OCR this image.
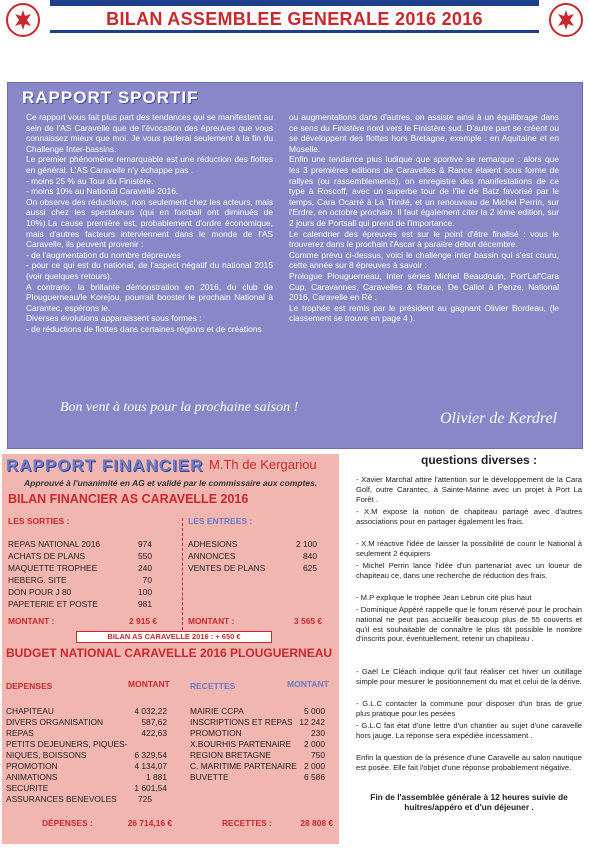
BILAN ASSEMBLEE GENERALE 2016 2016
RAPPORT SPORTIF

Ce rapport vous fait plus part des tendances qui se manifestent au sein de l'AS Caravelle que de l'évocation des épreuves que vous connaissez mieux que moi. Je vous parlerai seulement à la fin du Challenge Inter-bassins.

Le premier phénomène remarquable est une réduction des flottes en général. L'AS Caravelle n'y échappe pas .

- moins 25 % au Tour du Finistère.

- moins 10% au National Caravelle 2016.

On observe des réductions, non seulement chez les acteurs, mais aussi chez les spectateurs (qui en football ont diminués de 10%).La cause première est, probablement d'ordre économique, mais d'autres facteurs interviennent dans le monde de l'AS Caravelle, ils peuvent provenir :

- de l'augmentation du nombre dépreuves

- pour ce qui est du national, de l'aspect négatif du national 2015 (voir quelques retours).

A contrario, la brillante démonstration en 2016, du club de Plouguerneau/le Korejou, pourrait booster le prochain National à Carantec, espérons le.

Diverses évolutions apparaissent sous formes :

- de réductions de flottes dans certaines régions et de créations

ou augmentations dans d'autres, on assiste ainsi à un équilibrage dans ce sens du Finistère nord vers le Finistère sud. D'autre part se créent ou se développent des flottes hors Bretagne, exemple : en Aquitaine et en Moselle.

Enfin une tendance plus ludique que sportive se remarque : alors que les 3 premières editions de Caravelles & Rance étaient sous forme de rallyes (ou rassemblements), on enregistre des manifestations de ce type à Roscoff, avec un superbe tour de l'île de Batz favorisé par le temps, Cara Ocarré à La Trinité, et un renouveau de Michel Perrin, sur l'Erdre, en octobre prochain. Il faut également citer la 2 ième edition, sur 2 jours de Portsall qui prend de l'importance.

Le calendrier des épreuves est sur le point d'être finalisé : vous le trouverez dans le prochain l'Ascar à paraitre début décembre.

Comme prévu ci-dessus, voici le challenge inter bassin qui s'est couru, cette année sur 8 épreuves à savoir :

Prologue Plouguerneau, Inter séries Michel Beaudouin, Port'Laf'Cara Cup, Caravannes, Caravelles & Rance, De Callot à Penze, National 2016, Caravelle en Ré .

Le trophée est remis par le président au gagnant Olivier Bordeau, (le classement se trouve en page 4 ).

Bon vent à tous pour la prochaine saison !
Olivier de Kerdrel
RAPPORT FINANCIER M.Th de Kergariou
Approuvé à l'unanimité en AG et validé par le commissaire aux comptes.
BILAN FINANCIER AS CARAVELLE 2016
LES SORTIES :	LES ENTREES :
REPAS NATIONAL 2016	974
ACHATS DE PLANS	550
MAQUETTE TROPHEE	240
HEBERG. SITE	70
DON POUR J 80	100
PAPETERIE ET POSTE	981
ADHESIONS	2 100
ANNONCES	840
VENTES DE PLANS	625
MONTANT :	2 915 €	MONTANT :	3 565 €
BILAN AS CARAVELLE 2016 : + 650 €
BUDGET NATIONAL CARAVELLE 2016 PLOUGUERNEAU
DEPENSES	MONTANT RECETTES	MONTANT
CHAPITEAU	4 032,22
DIVERS ORGANISATION	587,62
REPAS	422,63
PETITS DEJEUNERS, PIQUES-
NIQUES, BOISSONS	6 329,54
PROMOTION	4 134,07
ANIMATIONS	1 881
SECURITE	1 601,54
ASSURANCES BENEVOLES	725
MAIRIE CCPA	5 000
INSCRIPTIONS ET REPAS 12 242
PROMOTION	230
X.BOURHIS PARTENAIRE	2 000
REGION BRETAGNE	750
C. MARITIME PARTENAIRE 2 000
BUVETTE	6 586
DÉPENSES :	26 714,16 €	RECETTES :	28 808 €
questions diverses :

- Xavier Marchal attire l'attention sur le développement de la Cara Golf, outre Carantec, à Sainte-Marine avec un projet à Port La Forêt .

- X.M expose la notion de chapiteau partagé avec d'autres associations pour en partager également les frais.

- X.M réactive l'idée de laisser la possibilité de courir le National à seulement 2 équipiers

- Michel Perrin lance l'idée d'un partenariat avec un loueur de chapiteau ce, dans une recherche de réduction des frais.

- M.P explique le trophée Jean Lebrun cité plus haut

- Dominique Appéré rappelle que le forum réservé pour le prochain national ne peut pas accueillir beaucoup plus de 55 couverts et qu'il est souhaitable de connaître le plus tôt possible le nombre d'inscrits pour, éventuellement, retenir un chapiteau .

- Gaël Le Cléach indique qu'il faut réaliser cet hiver un outillage simple pour mesurer le positionnement du mat et celui de la dérive.

- G.L.C contacter la commune pour disposer d'un bras de grue plus pratique pour les pesées

- G.L.C fait état d'une lettre d'un chantier au sujet d'une caravelle hors jauge. La réponse sera expédiée incessament .

Enfin la question de la présence d'une Caravelle au salon nautique est posée. Elle fait l'objet d'une réponse probablement négative.

Fin de l'assemblée générale à 12 heures suivie de huitres/appéro et d'un déjeuner .
